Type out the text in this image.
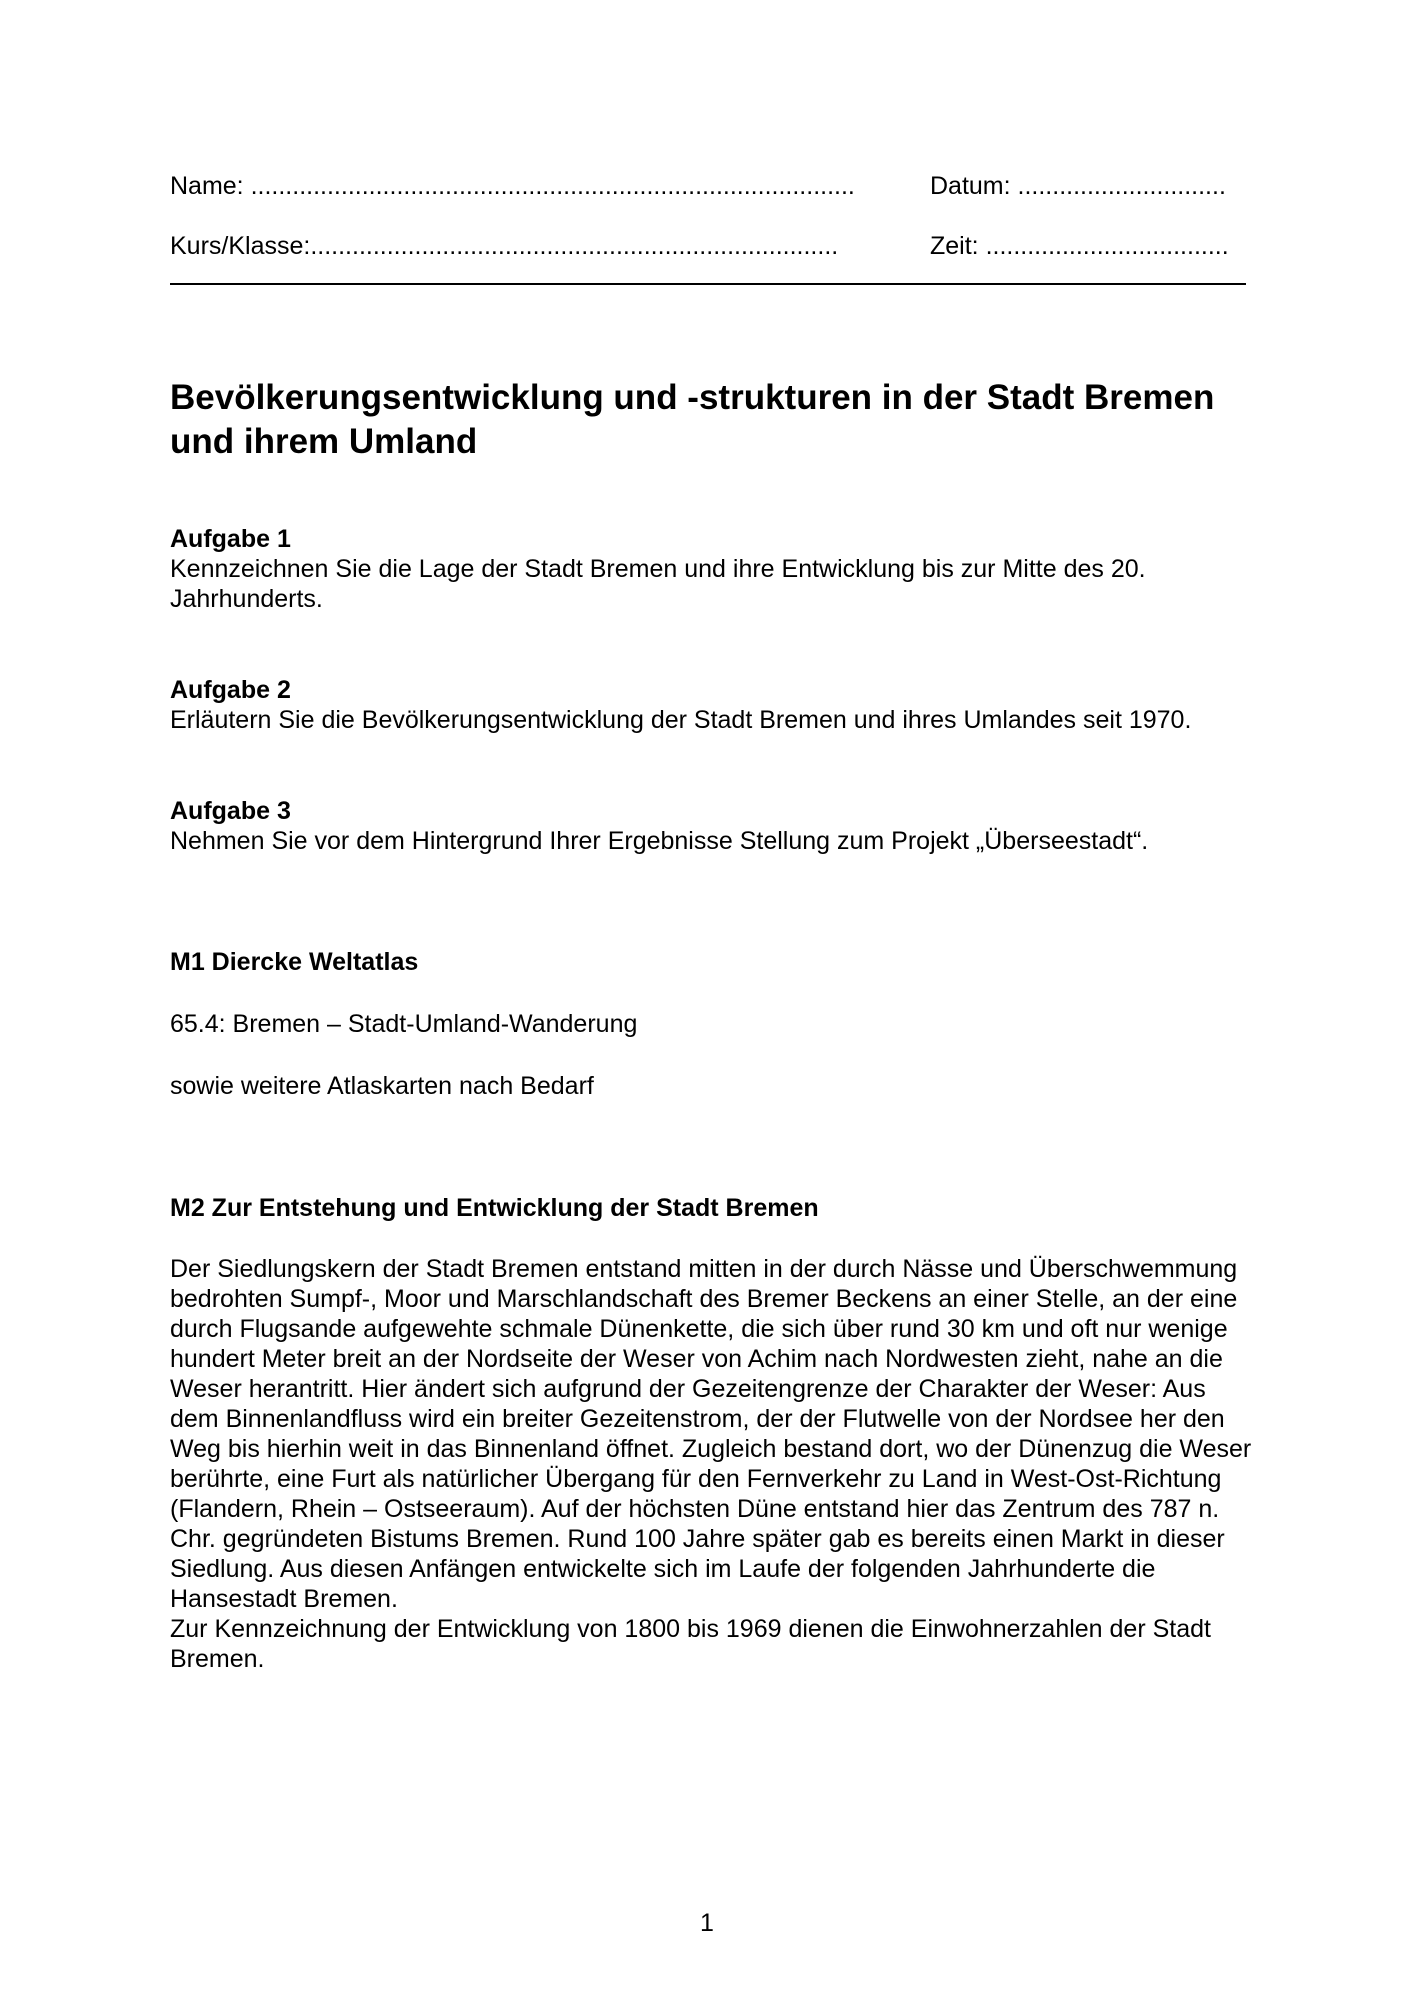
Name: .......................................................................................	Datum: ..............................
Kurs/Klasse:............................................................................	Zeit: ...................................
Bevölkerungsentwicklung und -strukturen in der Stadt Bremen
und ihrem Umland
Aufgabe 1

Kennzeichnen Sie die Lage der Stadt Bremen und ihre Entwicklung bis zur Mitte des 20. Jahrhunderts.

Aufgabe 2

Erläutern Sie die Bevölkerungsentwicklung der Stadt Bremen und ihres Umlandes seit 1970.

Aufgabe 3

Nehmen Sie vor dem Hintergrund Ihrer Ergebnisse Stellung zum Projekt „Überseestadt“.

M1 Diercke Weltatlas
65.4: Bremen – Stadt-Umland-Wanderung
sowie weitere Atlaskarten nach Bedarf
M2 Zur Entstehung und Entwicklung der Stadt Bremen

Der Siedlungskern der Stadt Bremen entstand mitten in der durch Nässe und Überschwemmung bedrohten Sumpf-, Moor und Marschlandschaft des Bremer Beckens an einer Stelle, an der eine durch Flugsande aufgewehte schmale Dünenkette, die sich über rund 30 km und oft nur wenige hundert Meter breit an der Nordseite der Weser von Achim nach Nordwesten zieht, nahe an die Weser herantritt. Hier ändert sich aufgrund der Gezeitengrenze der Charakter der Weser: Aus dem Binnenlandfluss wird ein breiter Gezeitenstrom, der der Flutwelle von der Nordsee her den Weg bis hierhin weit in das Binnenland öffnet. Zugleich bestand dort, wo der Dünenzug die Weser berührte, eine Furt als natürlicher Übergang für den Fernverkehr zu Land in West-Ost-Richtung (Flandern, Rhein – Ostseeraum). Auf der höchsten Düne entstand hier das Zentrum des 787 n. Chr. gegründeten Bistums Bremen. Rund 100 Jahre später gab es bereits einen Markt in dieser Siedlung. Aus diesen Anfängen entwickelte sich im Laufe der folgenden Jahrhunderte die Hansestadt Bremen.

Zur Kennzeichnung der Entwicklung von 1800 bis 1969 dienen die Einwohnerzahlen der Stadt Bremen.

1
